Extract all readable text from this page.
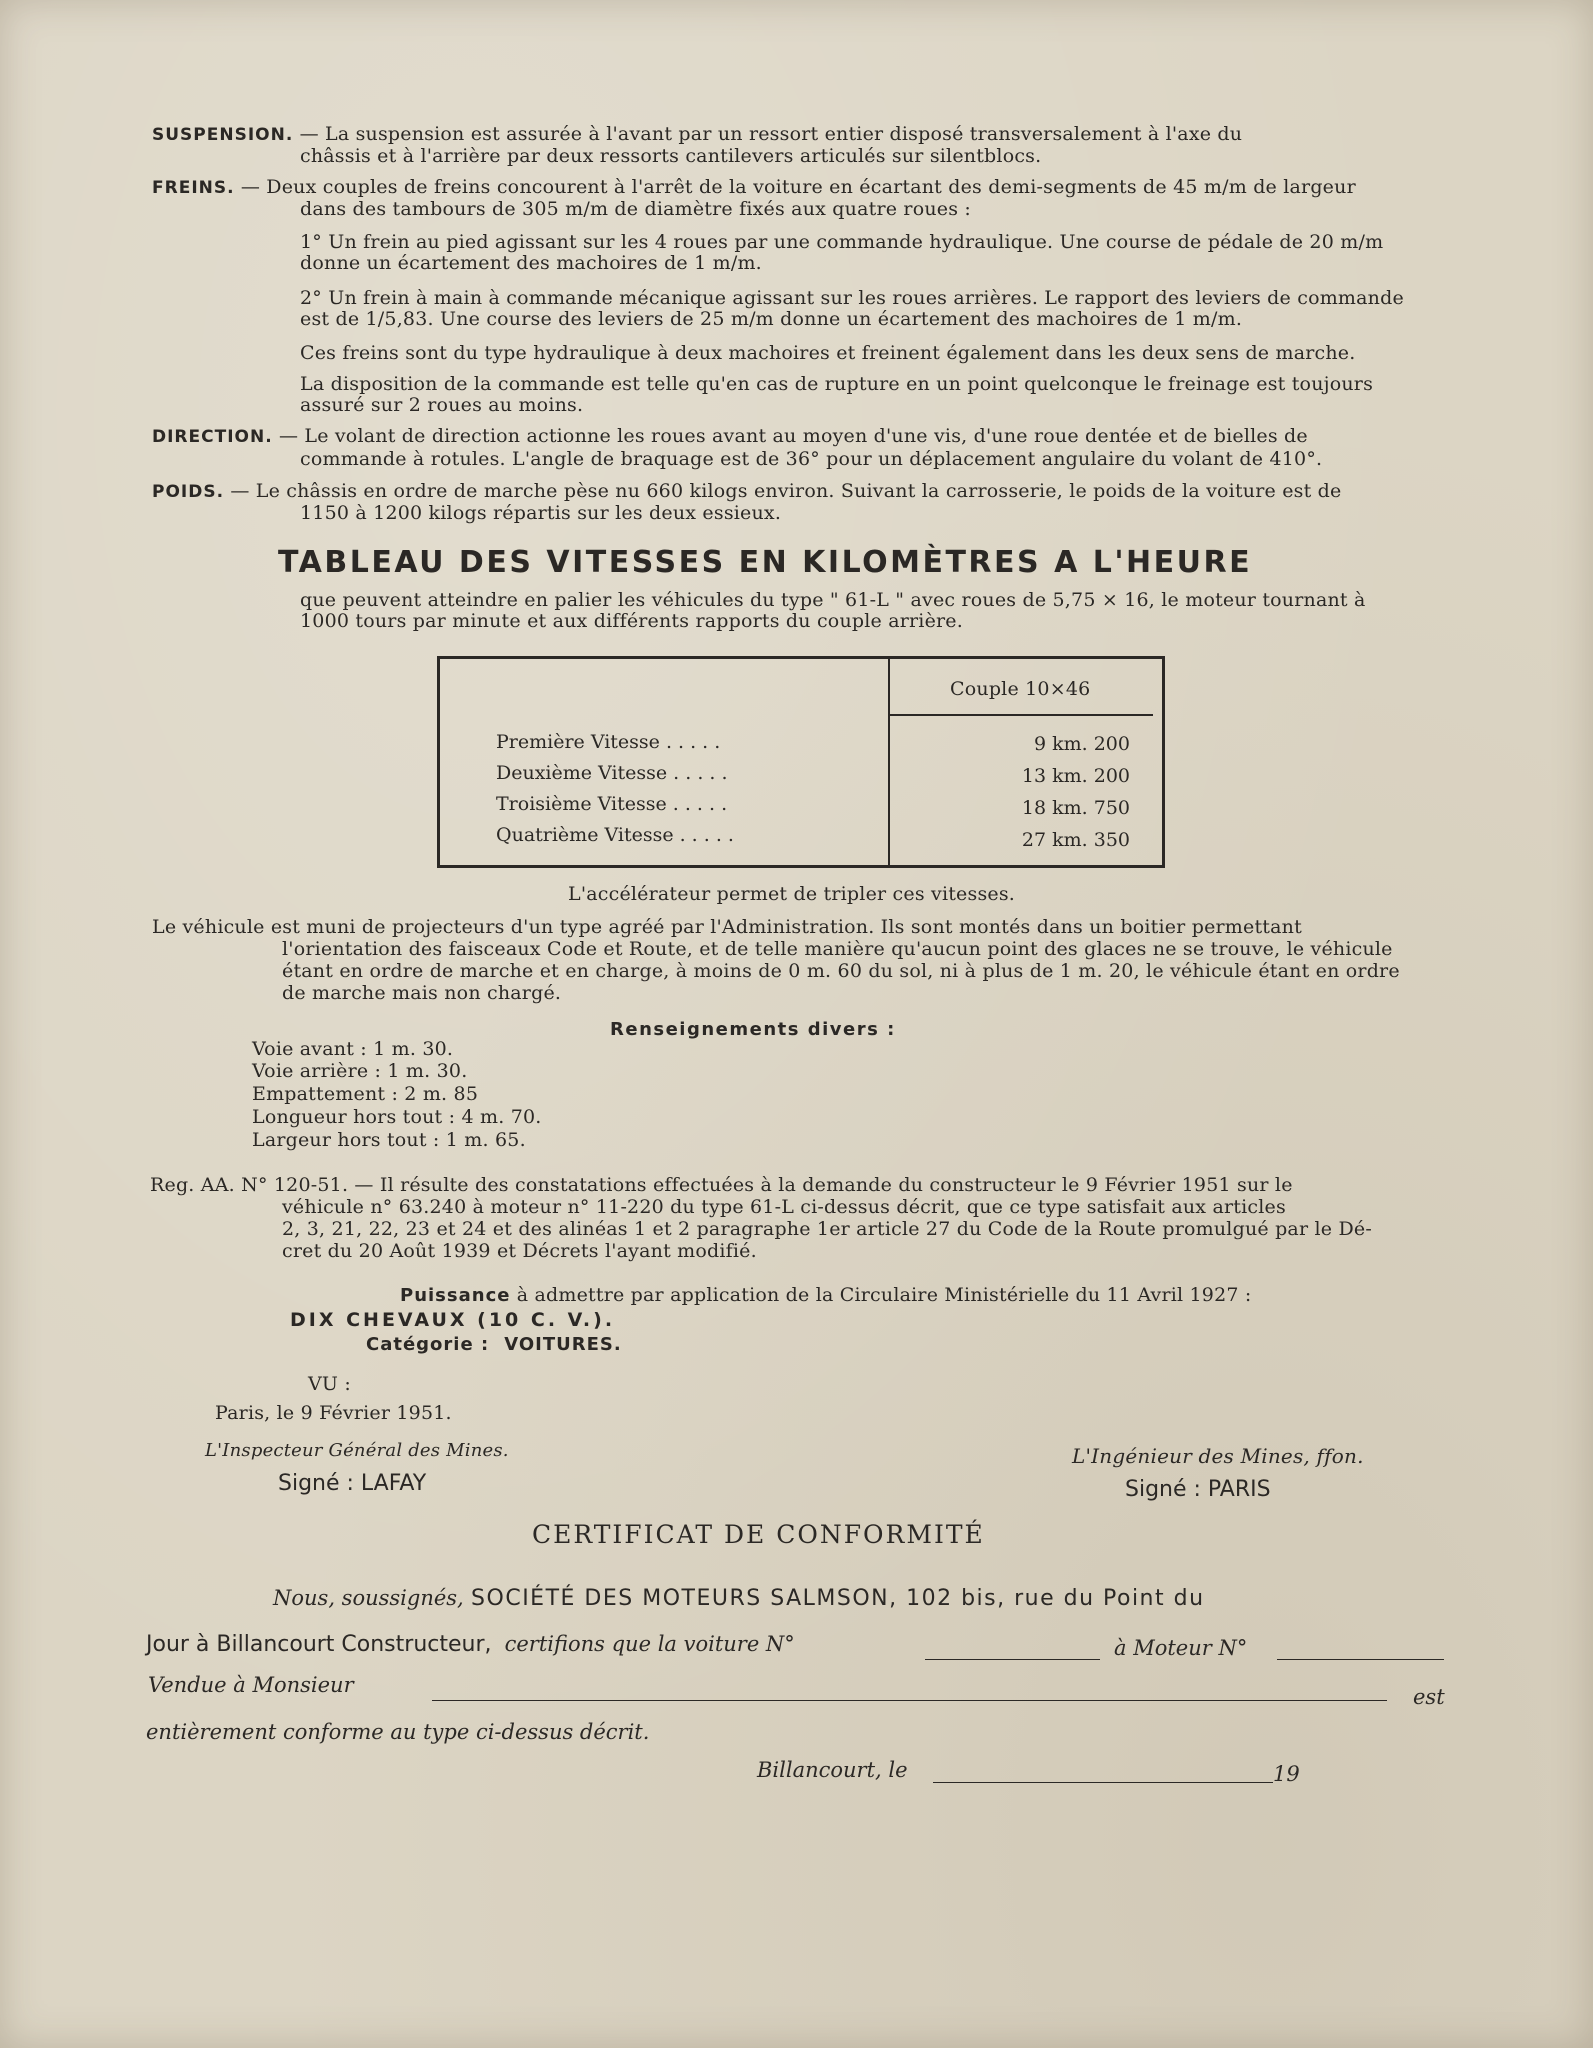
SUSPENSION. — La suspension est assurée à l'avant par un ressort entier disposé transversalement à l'axe du
châssis et à l'arrière par deux ressorts cantilevers articulés sur silentblocs.
FREINS. — Deux couples de freins concourent à l'arrêt de la voiture en écartant des demi-segments de 45 m/m de largeur
dans des tambours de 305 m/m de diamètre fixés aux quatre roues :
1° Un frein au pied agissant sur les 4 roues par une commande hydraulique. Une course de pédale de 20 m/m
donne un écartement des machoires de 1 m/m.
2° Un frein à main à commande mécanique agissant sur les roues arrières. Le rapport des leviers de commande
est de 1/5,83. Une course des leviers de 25 m/m donne un écartement des machoires de 1 m/m.
Ces freins sont du type hydraulique à deux machoires et freinent également dans les deux sens de marche.
La disposition de la commande est telle qu'en cas de rupture en un point quelconque le freinage est toujours
assuré sur 2 roues au moins.
DIRECTION. — Le volant de direction actionne les roues avant au moyen d'une vis, d'une roue dentée et de bielles de
commande à rotules. L'angle de braquage est de 36° pour un déplacement angulaire du volant de 410°.
POIDS. — Le châssis en ordre de marche pèse nu 660 kilogs environ. Suivant la carrosserie, le poids de la voiture est de
1150 à 1200 kilogs répartis sur les deux essieux.
TABLEAU DES VITESSES EN KILOMÈTRES A L'HEURE
que peuvent atteindre en palier les véhicules du type " 61-L " avec roues de 5,75 × 16, le moteur tournant à
1000 tours par minute et aux différents rapports du couple arrière.
Couple 10×46
Première Vitesse . . . . .	9 km. 200
Deuxième Vitesse . . . . .	13 km. 200
Troisième Vitesse . . . . .	18 km. 750
Quatrième Vitesse . . . . .	27 km. 350
L'accélérateur permet de tripler ces vitesses.
Le véhicule est muni de projecteurs d'un type agréé par l'Administration. Ils sont montés dans un boitier permettant
l'orientation des faisceaux Code et Route, et de telle manière qu'aucun point des glaces ne se trouve, le véhicule
étant en ordre de marche et en charge, à moins de 0 m. 60 du sol, ni à plus de 1 m. 20, le véhicule étant en ordre
de marche mais non chargé.
Renseignements divers :
Voie avant : 1 m. 30.
Voie arrière : 1 m. 30.
Empattement : 2 m. 85
Longueur hors tout : 4 m. 70.
Largeur hors tout : 1 m. 65.
Reg. AA. N° 120-51. — Il résulte des constatations effectuées à la demande du constructeur le 9 Février 1951 sur le
véhicule n° 63.240 à moteur n° 11-220 du type 61-L ci-dessus décrit, que ce type satisfait aux articles
2, 3, 21, 22, 23 et 24 et des alinéas 1 et 2 paragraphe 1er article 27 du Code de la Route promulgué par le Dé-
cret du 20 Août 1939 et Décrets l'ayant modifié.
Puissance à admettre par application de la Circulaire Ministérielle du 11 Avril 1927 :
DIX CHEVAUX (10 C. V.).
Catégorie : VOITURES.
VU :
Paris, le 9 Février 1951.
L'Inspecteur Général des Mines.
Signé : LAFAY
L'Ingénieur des Mines, ffon.
Signé : PARIS
CERTIFICAT DE CONFORMITÉ
Nous, soussignés, SOCIÉTÉ DES MOTEURS SALMSON, 102 bis, rue du Point du
Jour à Billancourt Constructeur, certifions que la voiture N°	à Moteur N°
Vendue à Monsieur	est
entièrement conforme au type ci-dessus décrit.
Billancourt, le	19
